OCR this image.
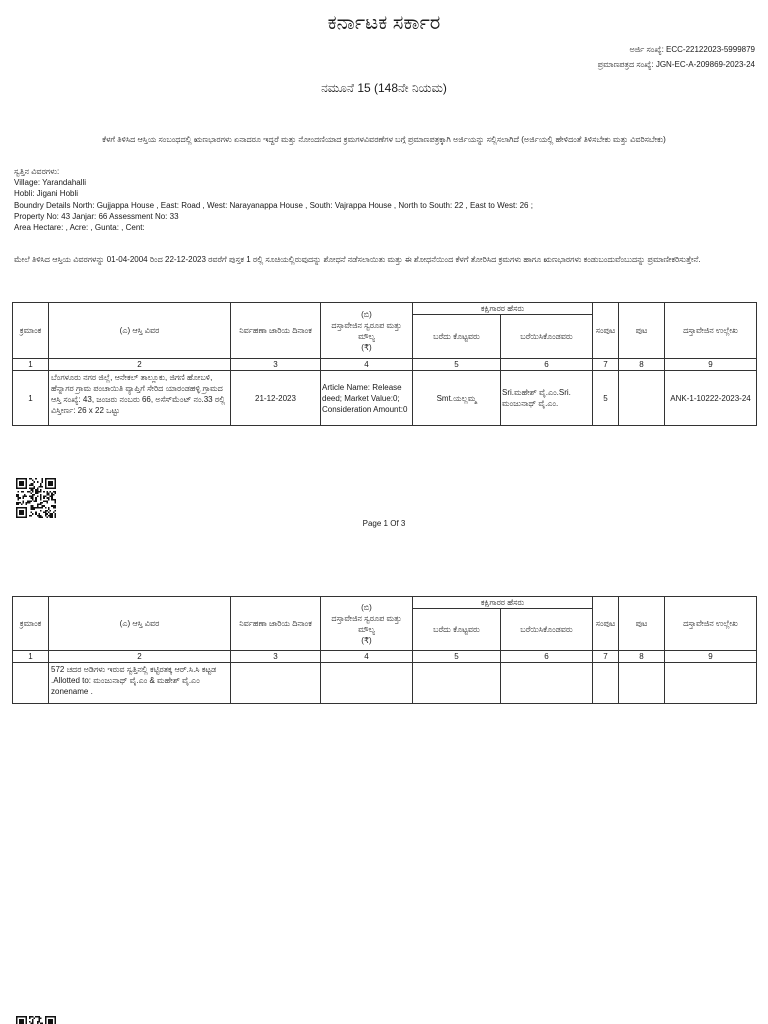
ಕರ್ನಾಟಕ ಸರ್ಕಾರ
ಅರ್ಜಿ ಸಂಖ್ಯೆ: ECC-22122023-5999879
ಪ್ರಮಾಣಪತ್ರದ ಸಂಖ್ಯೆ: JGN-EC-A-209869-2023-24
ನಮೂನೆ 15 (148ನೇ ನಿಯಮ)
ಕೆಳಗೆ ತಿಳಿಸಿದ ಆಸ್ತಿಯ ಸಂಬಂಧದಲ್ಲಿ ಋಣಭಾರಗಳು ಏನಾದರೂ ಇದ್ದರೆ ಮತ್ತು ನೋಂದಣಿಯಾದ ಕ್ರಮಗಳವಿವರಣೆಗಳ ಬಗ್ಗೆ ಪ್ರಮಾಣಪತ್ರಕ್ಕಾಗಿ ಅರ್ಜಿಯನ್ನು ಸಲ್ಲಿಸಲಾಗಿದೆ (ಅರ್ಜಿಯಲ್ಲಿ ಹೇಳಿದಂತೆ ತಿಳಿಸಬೇಕು ಮತ್ತು ವಿವರಿಸಬೇಕು)
ಸ್ವತ್ತಿನ ವಿವರಗಳು:
Village: Yarandahalli
Hobli: Jigani Hobli
Boundry Details North: Gujjappa House , East: Road , West: Narayanappa House , South: Vajrappa House , North to South: 22 , East to West: 26 ;
Property No: 43 Janjar: 66 Assessment No: 33
Area Hectare: , Acre: , Gunta: , Cent:
ಮೇಲೆ ತಿಳಿಸಿದ ಆಸ್ತಿಯ ವಿವರಗಳನ್ನು 01-04-2004 ರಿಂದ 22-12-2023 ರವರೆಗೆ ಪುಸ್ತಕ 1 ರಲ್ಲಿ ಸೂಚಿಯಲ್ಲಿರುವುದನ್ನು ಶೋಧನೆ ನಡೆಸಲಾಯಿತು ಮತ್ತು ಈ ಶೋಧನೆಯಿಂದ ಕೆಳಗೆ ತೋರಿಸಿದ ಕ್ರಮಗಳು ಹಾಗೂ ಋಣಭಾರಗಳು ಕಂಡುಬಂದುವೆಂಬುದನ್ನು ಪ್ರಮಾಣೀಕರಿಸುತ್ತೇನೆ.
ಕ್ರಮಾಂಕ	(ಎ) ಆಸ್ತಿ ವಿವರ	ನಿರ್ವಹಣಾ ಜಾರಿಯ ದಿನಾಂಕ	(ಬಿ)
ದಸ್ತಾವೇಜಿನ ಸ್ವರೂಪ ಮತ್ತು ಮೌಲ್ಯ
(₹)	ಕಕ್ಷಿಗಾರರ ಹೆಸರು		ಸಂಪುಟ	ಪುಟ	ದಸ್ತಾವೇಜಿನ ಉಲ್ಲೇಖ
				ಬರೆದು ಕೊಟ್ಟವರು	ಬರೆಯಿಸಿಕೊಂಡವರು			
1	2	3	4	5	6	7	8	9
1	ಬೆಂಗಳೂರು ನಗರ ಜಿಲ್ಲೆ, ಆನೇಕಲ್ ತಾಲ್ಲೂಕು, ಜಿಗಣಿ ಹೋಬಳಿ, ಹೆನ್ನಾಗರ ಗ್ರಾಮ ಪಂಚಾಯಿತಿ ವ್ಯಾಪ್ತಿಗೆ ಸೇರಿದ ಯಾರಂಡಹಳ್ಳಿ ಗ್ರಾಮದ ಆಸ್ತಿ ಸಂಖ್ಯೆ: 43, ಜಂಜರು ನಂಬರು 66, ಅಸೆಸ್‌ಮೆಂಟ್ ನಂ.33 ರಲ್ಲಿ ವಿಸ್ತೀರ್ಣ: 26 x 22 ಒಟ್ಟು	21-12-2023	Article Name: Release deed; Market Value:0; Consideration Amount:0	Smt.ಯಲ್ಲಮ್ಮ	Sri.ಮಹೇಶ್ ವೈ.ಎಂ.Sri. ಮಂಜುನಾಥ್ ವೈ.ಎಂ.	5		ANK-1-10222-2023-24
Page 1 Of 3
ಕ್ರಮಾಂಕ	(ಎ) ಆಸ್ತಿ ವಿವರ	ನಿರ್ವಹಣಾ ಜಾರಿಯ ದಿನಾಂಕ	(ಬಿ)
ದಸ್ತಾವೇಜಿನ ಸ್ವರೂಪ ಮತ್ತು ಮೌಲ್ಯ
(₹)	ಕಕ್ಷಿಗಾರರ ಹೆಸರು		ಸಂಪುಟ	ಪುಟ	ದಸ್ತಾವೇಜಿನ ಉಲ್ಲೇಖ
				ಬರೆದು ಕೊಟ್ಟವರು	ಬರೆಯಿಸಿಕೊಂಡವರು			
1	2	3	4	5	6	7	8	9
	572 ಚದರ ಅಡಿಗಳು ಇರುವ ಸ್ವತ್ತಿನಲ್ಲಿ ಕಟ್ಟಿರತಕ್ಕ ಆರ್.ಸಿ.ಸಿ ಕಟ್ಟಡ .Allotted to: ಮಂಜುನಾಥ್ ವೈ.ಎಂ & ಮಹೇಶ್ ವೈ.ಎಂ zonename .							
